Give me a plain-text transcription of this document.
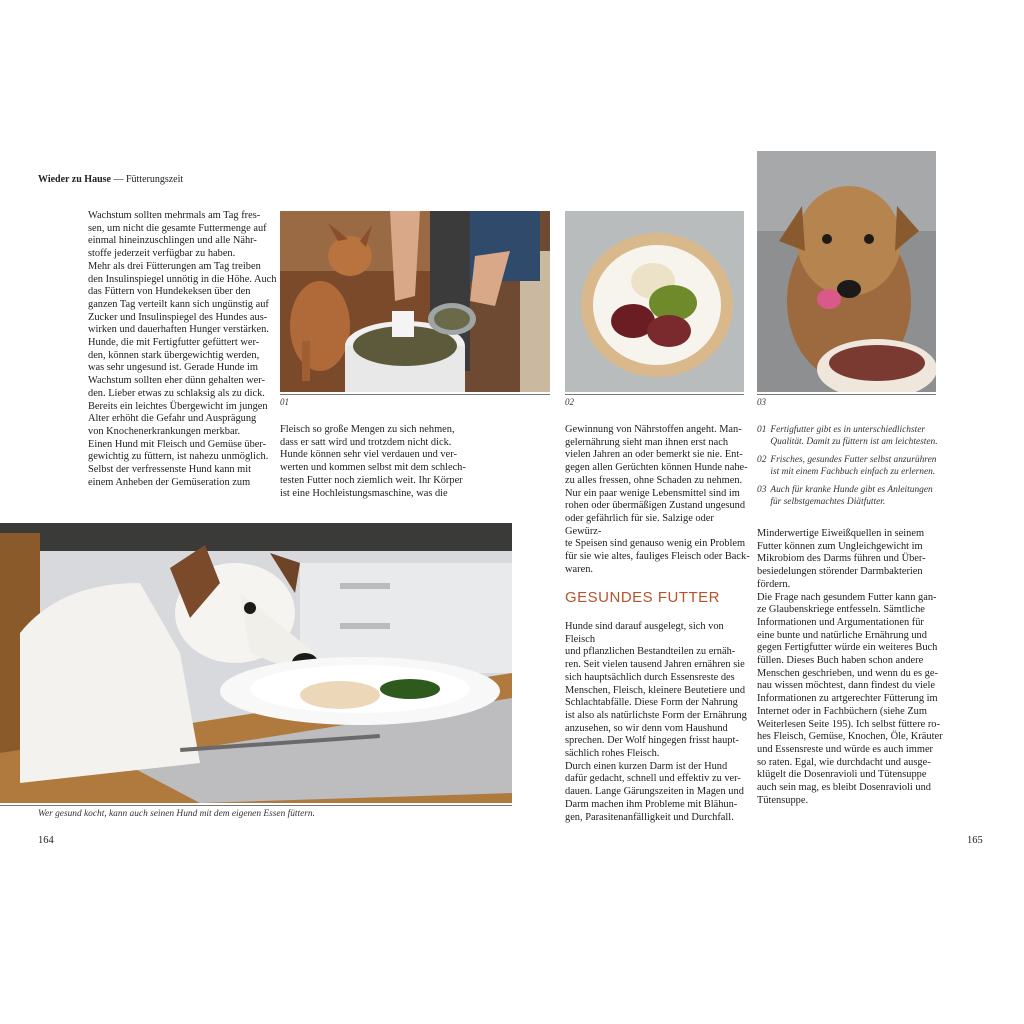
Wieder zu Hause — Fütterungszeit
Wachstum sollten mehrmals am Tag fres-
sen, um nicht die gesamte Futtermenge auf
einmal hineinzuschlingen und alle Nähr-
stoffe jederzeit verfügbar zu haben.
Mehr als drei Fütterungen am Tag treiben
den Insulinspiegel unnötig in die Höhe. Auch
das Füttern von Hundekeksen über den
ganzen Tag verteilt kann sich ungünstig auf
Zucker und Insulinspiegel des Hundes aus-
wirken und dauerhaften Hunger verstärken.
Hunde, die mit Fertigfutter gefüttert wer-
den, können stark übergewichtig werden,
was sehr ungesund ist. Gerade Hunde im
Wachstum sollten eher dünn gehalten wer-
den. Lieber etwas zu schlaksig als zu dick.
Bereits ein leichtes Übergewicht im jungen
Alter erhöht die Gefahr und Ausprägung
von Knochenerkrankungen merkbar.
Einen Hund mit Fleisch und Gemüse über-
gewichtig zu füttern, ist nahezu unmöglich.
Selbst der verfressenste Hund kann mit
einem Anheben der Gemüseration zum
01
Fleisch so große Mengen zu sich nehmen,
dass er satt wird und trotzdem nicht dick.
Hunde können sehr viel verdauen und ver-
werten und kommen selbst mit dem schlech-
testen Futter noch ziemlich weit. Ihr Körper
ist eine Hochleistungsmaschine, was die
02	03
Gewinnung von Nährstoffen angeht. Man-
gelernährung sieht man ihnen erst nach
vielen Jahren an oder bemerkt sie nie. Ent-
gegen allen Gerüchten können Hunde nahe-
zu alles fressen, ohne Schaden zu nehmen.
Nur ein paar wenige Lebensmittel sind im
rohen oder übermäßigen Zustand ungesund
oder gefährlich für sie. Salzige oder Gewürz-
te Speisen sind genauso wenig ein Problem
für sie wie altes, fauliges Fleisch oder Back-
waren.
GESUNDES FUTTER
Hunde sind darauf ausgelegt, sich von Fleisch
und pflanzlichen Bestandteilen zu ernäh-
ren. Seit vielen tausend Jahren ernähren sie
sich hauptsächlich durch Essensreste des
Menschen, Fleisch, kleinere Beutetiere und
Schlachtabfälle. Diese Form der Nahrung
ist also als natürlichste Form der Ernährung
anzusehen, so wir denn vom Haushund
sprechen. Der Wolf hingegen frisst haupt-
sächlich rohes Fleisch.
Durch einen kurzen Darm ist der Hund
dafür gedacht, schnell und effektiv zu ver-
dauen. Lange Gärungszeiten in Magen und
Darm machen ihm Probleme mit Blähun-
gen, Parasitenanfälligkeit und Durchfall.
01 Fertigfutter gibt es in unterschiedlichster
Qualität. Damit zu füttern ist am leichtesten.
02 Frisches, gesundes Futter selbst anzurühren
ist mit einem Fachbuch einfach zu erlernen.
03 Auch für kranke Hunde gibt es Anleitungen
für selbstgemachtes Diätfutter.
Minderwertige Eiweißquellen in seinem
Futter können zum Ungleichgewicht im
Mikrobiom des Darms führen und Über-
besiedelungen störender Darmbakterien
fördern.
Die Frage nach gesundem Futter kann gan-
ze Glaubenskriege entfesseln. Sämtliche
Informationen und Argumentationen für
eine bunte und natürliche Ernährung und
gegen Fertigfutter würde ein weiteres Buch
füllen. Dieses Buch haben schon andere
Menschen geschrieben, und wenn du es ge-
nau wissen möchtest, dann findest du viele
Informationen zu artgerechter Fütterung im
Internet oder in Fachbüchern (siehe Zum
Weiterlesen Seite 195). Ich selbst füttere ro-
hes Fleisch, Gemüse, Knochen, Öle, Kräuter
und Essensreste und würde es auch immer
so raten. Egal, wie durchdacht und ausge-
klügelt die Dosenravioli und Tütensuppe
auch sein mag, es bleibt Dosenravioli und
Tütensuppe.
Wer gesund kocht, kann auch seinen Hund mit dem eigenen Essen füttern.
164	165
